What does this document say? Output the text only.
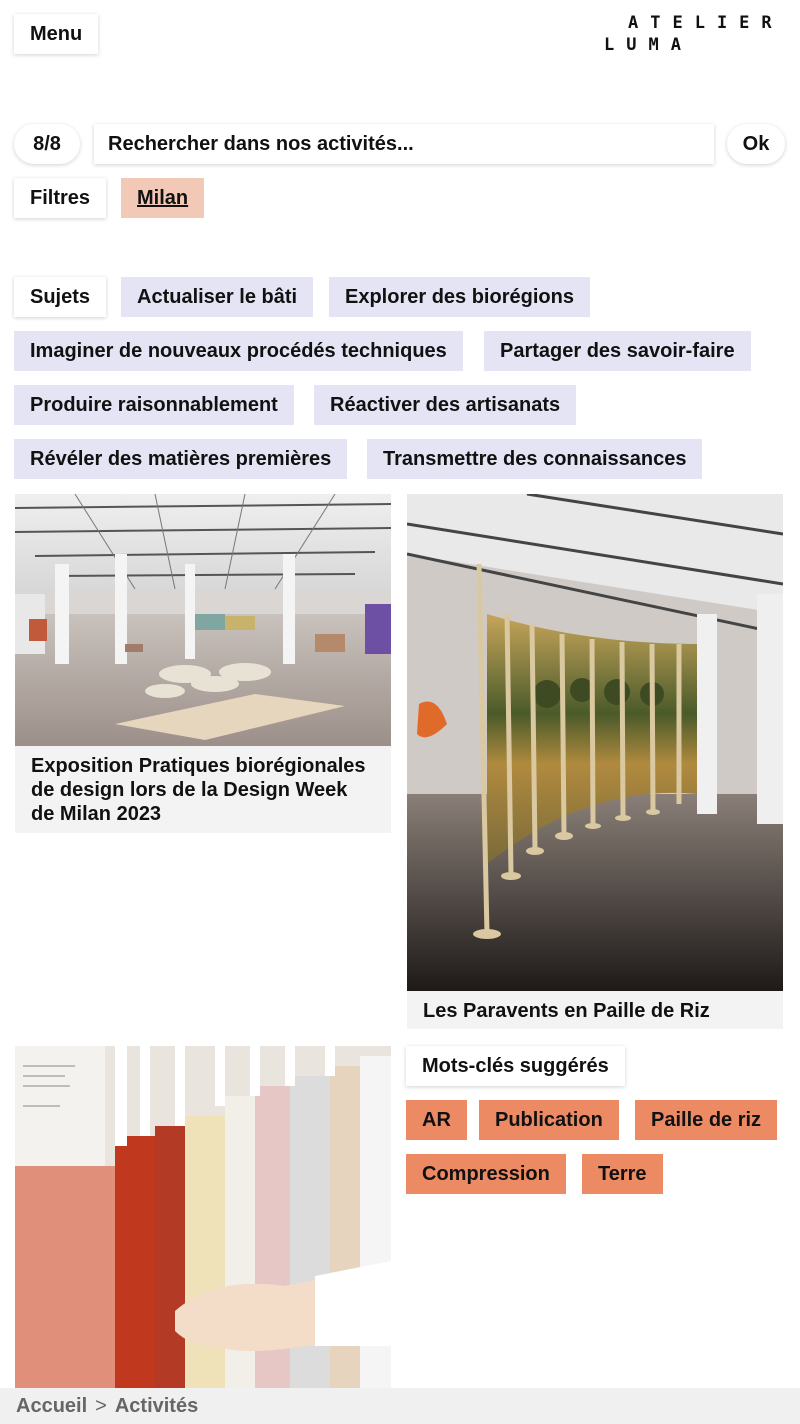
Menu	ATELIER
LUMA
8/8
Rechercher dans nos activités...	Ok
Filtres	Milan
Sujets	Actualiser le bâti	Explorer des biorégions
Imaginer de nouveaux procédés techniques	Partager des savoir-faire
Produire raisonnablement	Réactiver des artisanats
Révéler des matières premières	Transmettre des connaissances
Exposition Pratiques biorégionales de design lors de la Design Week de Milan 2023
Les Paravents en Paille de Riz
Mots-clés suggérés
AR	Publication	Paille de riz
Compression	Terre
Accueil > Activités
